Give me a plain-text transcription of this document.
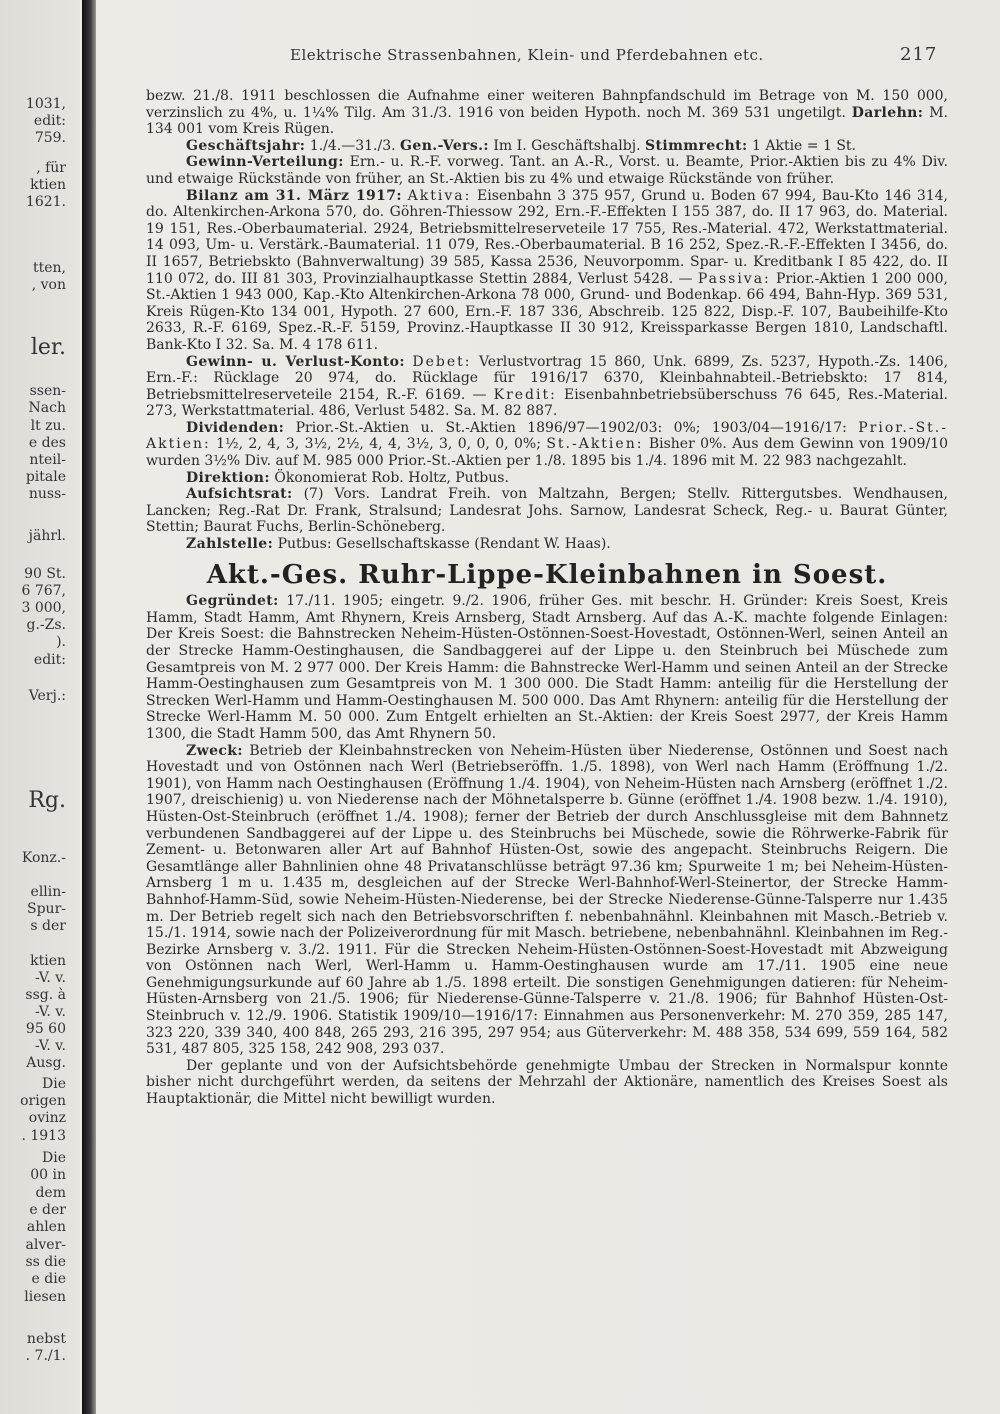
1031,
edit:
759.
, für
ktien
1621.
tten,
, von
ler.
ssen-
Nach
lt zu.
e des
nteil-
pitale
nuss-
jährl.
90 St.
6 767,
3 000,
g.-Zs.
).
edit:
Verj.:
Rg.
Konz.-
ellin-
Spur-
s der
ktien
-V. v.
ssg. à
-V. v.
95 60
-V. v.
Ausg.
Die
origen
ovinz
. 1913
Die
00 in
dem
e der
ahlen
alver-
ss die
e die
liesen
nebst
. 7./1.
Elektrische Strassenbahnen, Klein- und Pferdebahnen etc.	217

bezw. 21./8. 1911 beschlossen die Aufnahme einer weiteren Bahnpfandschuld im Betrage von M. 150 000, verzinslich zu 4%, u. 1¼% Tilg. Am 31./3. 1916 von beiden Hypoth. noch M. 369 531 ungetilgt. Darlehn: M. 134 001 vom Kreis Rügen.

Geschäftsjahr: 1./4.—31./3. Gen.-Vers.: Im I. Geschäftshalbj. Stimmrecht: 1 Aktie = 1 St.

Gewinn-Verteilung: Ern.- u. R.-F. vorweg. Tant. an A.-R., Vorst. u. Beamte, Prior.-Aktien bis zu 4% Div. und etwaige Rückstände von früher, an St.-Aktien bis zu 4% und etwaige Rückstände von früher.

Bilanz am 31. März 1917: Aktiva: Eisenbahn 3 375 957, Grund u. Boden 67 994, Bau-Kto 146 314, do. Altenkirchen-Arkona 570, do. Göhren-Thiessow 292, Ern.-F.-Effekten I 155 387, do. II 17 963, do. Material. 19 151, Res.-Oberbaumaterial. 2924, Betriebsmittelreserveteile 17 755, Res.-Material. 472, Werkstattmaterial. 14 093, Um- u. Verstärk.-Baumaterial. 11 079, Res.-Oberbaumaterial. B 16 252, Spez.-R.-F.-Effekten I 3456, do. II 1657, Betriebskto (Bahnverwaltung) 39 585, Kassa 2536, Neuvorpomm. Spar- u. Kreditbank I 85 422, do. II 110 072, do. III 81 303, Provinzialhauptkasse Stettin 2884, Verlust 5428. — Passiva: Prior.-Aktien 1 200 000, St.-Aktien 1 943 000, Kap.-Kto Altenkirchen-Arkona 78 000, Grund- und Bodenkap. 66 494, Bahn-Hyp. 369 531, Kreis Rügen-Kto 134 001, Hypoth. 27 600, Ern.-F. 187 336, Abschreib. 125 822, Disp.-F. 107, Baubeihilfe-Kto 2633, R.-F. 6169, Spez.-R.-F. 5159, Provinz.-Hauptkasse II 30 912, Kreissparkasse Bergen 1810, Landschaftl. Bank-Kto I 32. Sa. M. 4 178 611.

Gewinn- u. Verlust-Konto: Debet: Verlustvortrag 15 860, Unk. 6899, Zs. 5237, Hypoth.-Zs. 1406, Ern.-F.: Rücklage 20 974, do. Rücklage für 1916/17 6370, Kleinbahnabteil.-Betriebskto: 17 814, Betriebsmittelreserveteile 2154, R.-F. 6169. — Kredit: Eisenbahnbetriebsüberschuss 76 645, Res.-Material. 273, Werkstattmaterial. 486, Verlust 5482. Sa. M. 82 887.

Dividenden: Prior.-St.-Aktien u. St.-Aktien 1896/97—1902/03: 0%; 1903/04—1916/17: Prior.-St.-Aktien: 1½, 2, 4, 3, 3½, 2½, 4, 4, 3½, 3, 0, 0, 0, 0%; St.-Aktien: Bisher 0%. Aus dem Gewinn von 1909/10 wurden 3½% Div. auf M. 985 000 Prior.-St.-Aktien per 1./8. 1895 bis 1./4. 1896 mit M. 22 983 nachgezahlt.

Direktion: Ökonomierat Rob. Holtz, Putbus.

Aufsichtsrat: (7) Vors. Landrat Freih. von Maltzahn, Bergen; Stellv. Rittergutsbes. Wendhausen, Lancken; Reg.-Rat Dr. Frank, Stralsund; Landesrat Johs. Sarnow, Landesrat Scheck, Reg.- u. Baurat Günter, Stettin; Baurat Fuchs, Berlin-Schöneberg.

Zahlstelle: Putbus: Gesellschaftskasse (Rendant W. Haas).

Akt.-Ges. Ruhr-Lippe-Kleinbahnen in Soest.

Gegründet: 17./11. 1905; eingetr. 9./2. 1906, früher Ges. mit beschr. H. Gründer: Kreis Soest, Kreis Hamm, Stadt Hamm, Amt Rhynern, Kreis Arnsberg, Stadt Arnsberg. Auf das A.-K. machte folgende Einlagen: Der Kreis Soest: die Bahnstrecken Neheim-Hüsten-Ostönnen-Soest-Hovestadt, Ostönnen-Werl, seinen Anteil an der Strecke Hamm-Oestinghausen, die Sandbaggerei auf der Lippe u. den Steinbruch bei Müschede zum Gesamtpreis von M. 2 977 000. Der Kreis Hamm: die Bahnstrecke Werl-Hamm und seinen Anteil an der Strecke Hamm-Oestinghausen zum Gesamtpreis von M. 1 300 000. Die Stadt Hamm: anteilig für die Herstellung der Strecken Werl-Hamm und Hamm-Oestinghausen M. 500 000. Das Amt Rhynern: anteilig für die Herstellung der Strecke Werl-Hamm M. 50 000. Zum Entgelt erhielten an St.-Aktien: der Kreis Soest 2977, der Kreis Hamm 1300, die Stadt Hamm 500, das Amt Rhynern 50.

Zweck: Betrieb der Kleinbahnstrecken von Neheim-Hüsten über Niederense, Ostönnen und Soest nach Hovestadt und von Ostönnen nach Werl (Betriebseröffn. 1./5. 1898), von Werl nach Hamm (Eröffnung 1./2. 1901), von Hamm nach Oestinghausen (Eröffnung 1./4. 1904), von Neheim-Hüsten nach Arnsberg (eröffnet 1./2. 1907, dreischienig) u. von Niederense nach der Möhnetalsperre b. Günne (eröffnet 1./4. 1908 bezw. 1./4. 1910), Hüsten-Ost-Steinbruch (eröffnet 1./4. 1908); ferner der Betrieb der durch Anschlussgleise mit dem Bahnnetz verbundenen Sandbaggerei auf der Lippe u. des Steinbruchs bei Müschede, sowie die Röhrwerke-Fabrik für Zement- u. Betonwaren aller Art auf Bahnhof Hüsten-Ost, sowie des angepacht. Steinbruchs Reigern. Die Gesamtlänge aller Bahnlinien ohne 48 Privatanschlüsse beträgt 97.36 km; Spurweite 1 m; bei Neheim-Hüsten-Arnsberg 1 m u. 1.435 m, desgleichen auf der Strecke Werl-Bahnhof-Werl-Steinertor, der Strecke Hamm-Bahnhof-Hamm-Süd, sowie Neheim-Hüsten-Niederense, bei der Strecke Niederense-Günne-Talsperre nur 1.435 m. Der Betrieb regelt sich nach den Betriebsvorschriften f. nebenbahnähnl. Kleinbahnen mit Masch.-Betrieb v. 15./1. 1914, sowie nach der Polizeiverordnung für mit Masch. betriebene, nebenbahnähnl. Kleinbahnen im Reg.-Bezirke Arnsberg v. 3./2. 1911. Für die Strecken Neheim-Hüsten-Ostönnen-Soest-Hovestadt mit Abzweigung von Ostönnen nach Werl, Werl-Hamm u. Hamm-Oestinghausen wurde am 17./11. 1905 eine neue Genehmigungsurkunde auf 60 Jahre ab 1./5. 1898 erteilt. Die sonstigen Genehmigungen datieren: für Neheim-Hüsten-Arnsberg von 21./5. 1906; für Niederense-Günne-Talsperre v. 21./8. 1906; für Bahnhof Hüsten-Ost-Steinbruch v. 12./9. 1906. Statistik 1909/10—1916/17: Einnahmen aus Personenverkehr: M. 270 359, 285 147, 323 220, 339 340, 400 848, 265 293, 216 395, 297 954; aus Güterverkehr: M. 488 358, 534 699, 559 164, 582 531, 487 805, 325 158, 242 908, 293 037.

Der geplante und von der Aufsichtsbehörde genehmigte Umbau der Strecken in Normalspur konnte bisher nicht durchgeführt werden, da seitens der Mehrzahl der Aktionäre, namentlich des Kreises Soest als Hauptaktionär, die Mittel nicht bewilligt wurden.
